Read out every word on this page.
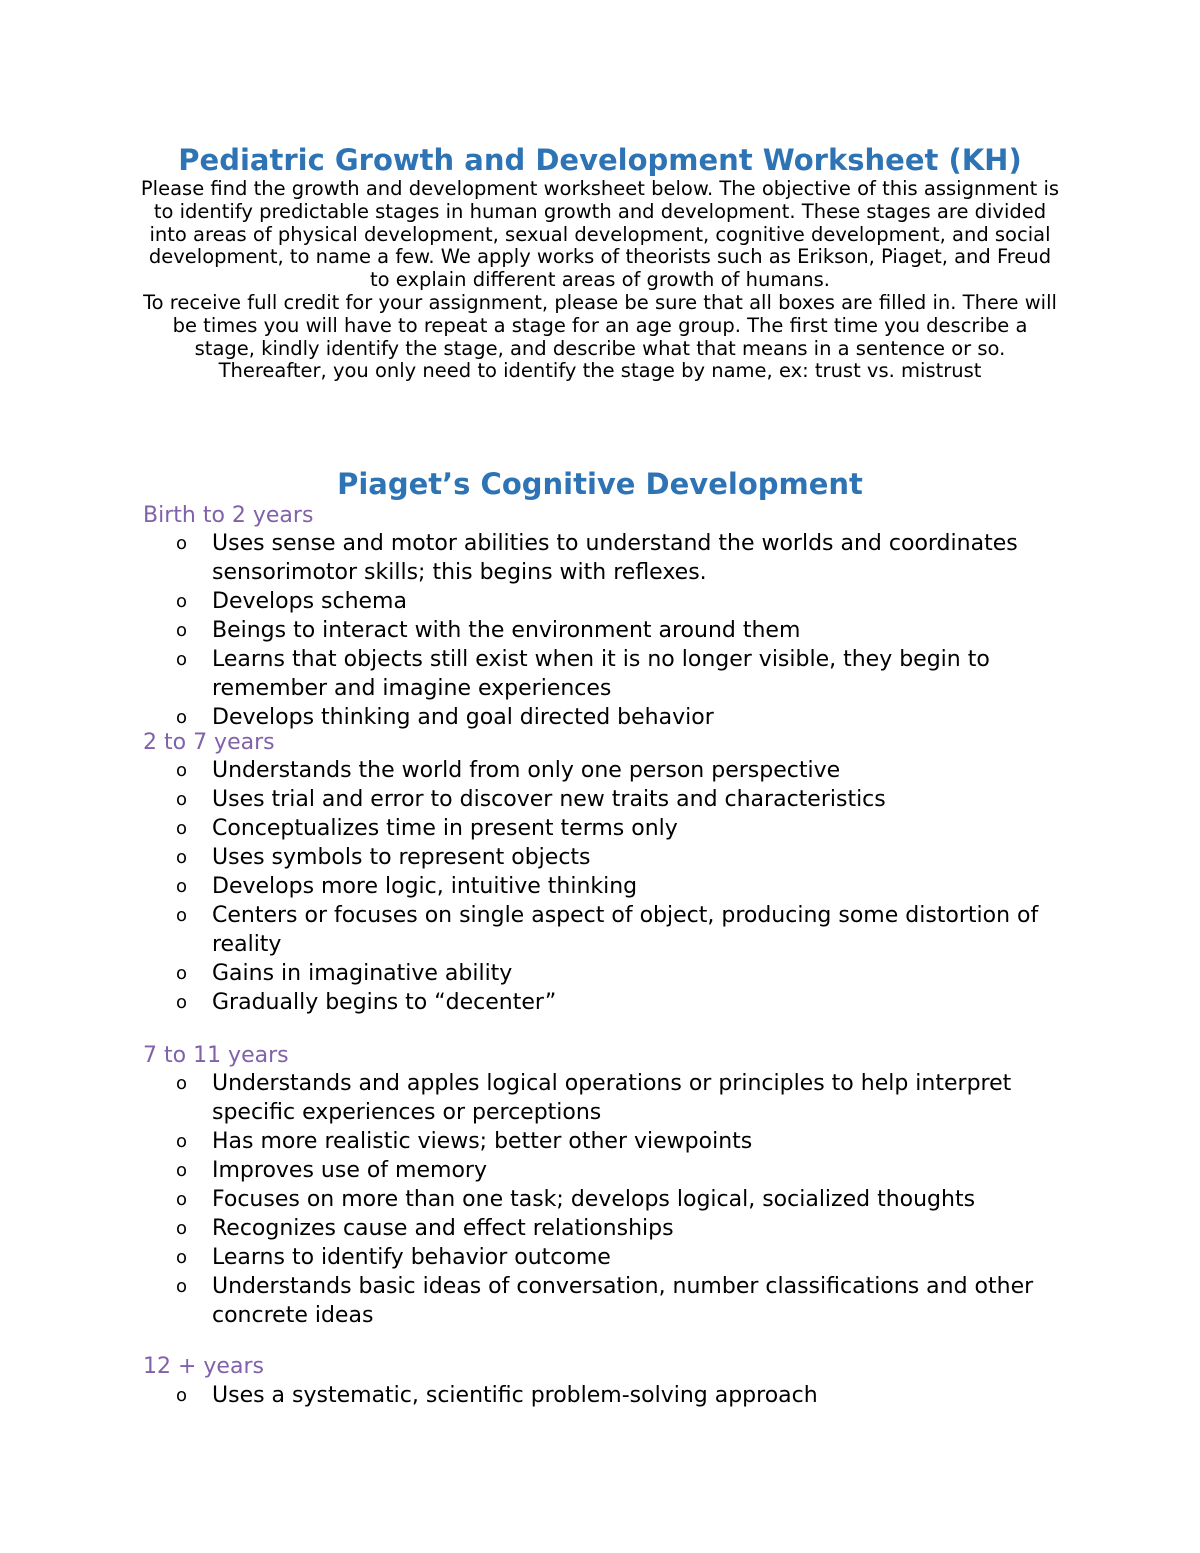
Pediatric Growth and Development Worksheet (KH)

Please find the growth and development worksheet below. The objective of this assignment is to identify predictable stages in human growth and development. These stages are divided into areas of physical development, sexual development, cognitive development, and social development, to name a few. We apply works of theorists such as Erikson, Piaget, and Freud to explain different areas of growth of humans.

To receive full credit for your assignment, please be sure that all boxes are filled in. There will be times you will have to repeat a stage for an age group. The first time you describe a stage, kindly identify the stage, and describe what that means in a sentence or so. Thereafter, you only need to identify the stage by name, ex: trust vs. mistrust

Piaget’s Cognitive Development
Birth to 2 years
o Uses sense and motor abilities to understand the worlds and coordinates sensorimotor skills; this begins with reflexes.
o Develops schema
o Beings to interact with the environment around them
o Learns that objects still exist when it is no longer visible, they begin to remember and imagine experiences
o Develops thinking and goal directed behavior
2 to 7 years
o Understands the world from only one person perspective
o Uses trial and error to discover new traits and characteristics
o Conceptualizes time in present terms only
o Uses symbols to represent objects
o Develops more logic, intuitive thinking
o Centers or focuses on single aspect of object, producing some distortion of reality
o Gains in imaginative ability
o Gradually begins to “decenter”
7 to 11 years
o Understands and apples logical operations or principles to help interpret specific experiences or perceptions
o Has more realistic views; better other viewpoints
o Improves use of memory
o Focuses on more than one task; develops logical, socialized thoughts
o Recognizes cause and effect relationships
o Learns to identify behavior outcome
o Understands basic ideas of conversation, number classifications and other concrete ideas
12 + years
o Uses a systematic, scientific problem-solving approach
